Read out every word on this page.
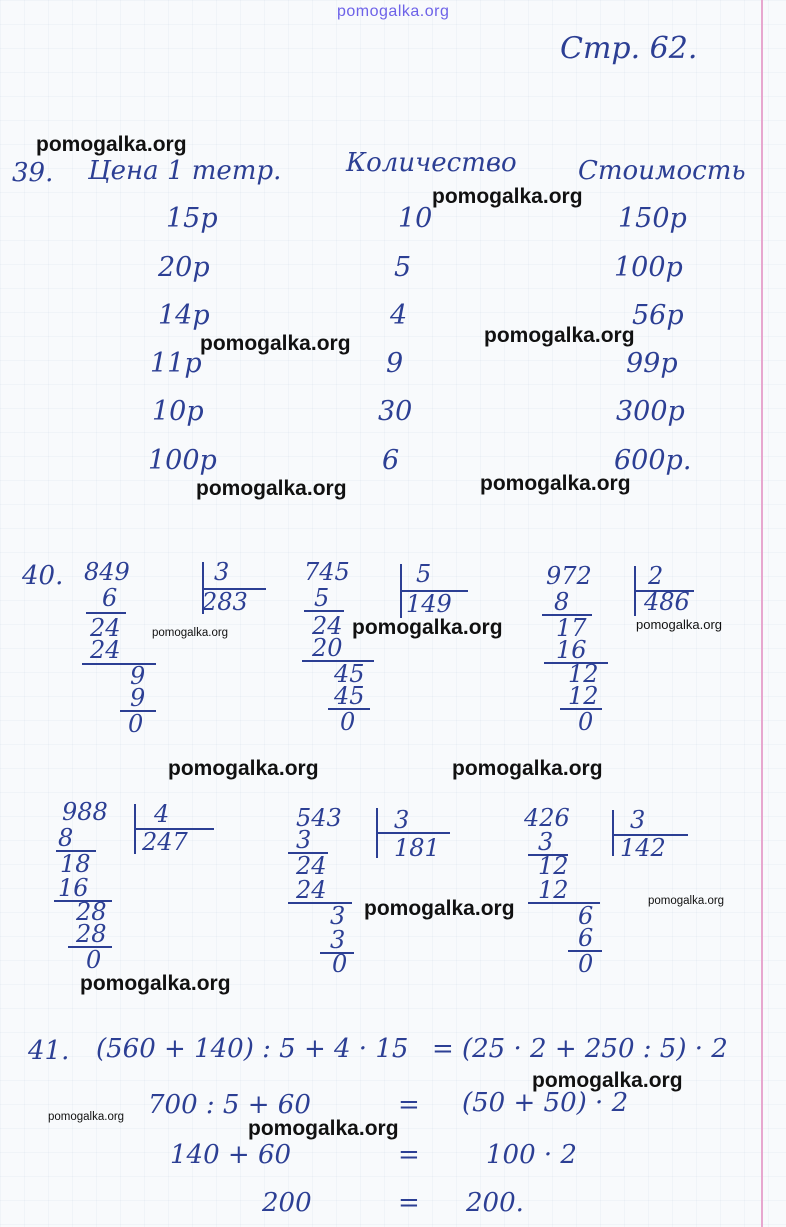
pomogalka.org
Стр. 62.
39. Цена 1 тетр. Количество Стоимость
15р	10	150р
20р	5	100р
14р	4	56р
11р	9	99р
10р	30	300р
100р	6	600р.
40. 849	3
283
6
24
24
9
9
0
745	5
149
5
24
20
45
45
0
972 2
486
8
17
16
12
12
0
988 4
247
8
18
16
28
28
0
543 3
181
3
24
24
3
3
0
426	3
142
3
12
12
6
6
0
41. (560 + 140) : 5 + 4 · 15 = (25 · 2 + 250 : 5) · 2
700 : 5 + 60	= (50 + 50) · 2
140 + 60	=	100 · 2
200	= 200.
pomogalka.org
pomogalka.org
pomogalka.org	pomogalka.org
pomogalka.org	pomogalka.org
pomogalka.org	pomogalka.org	pomogalka.org
pomogalka.org	pomogalka.org
pomogalka.org	pomogalka.org
pomogalka.org
pomogalka.org
pomogalka.org	pomogalka.org
